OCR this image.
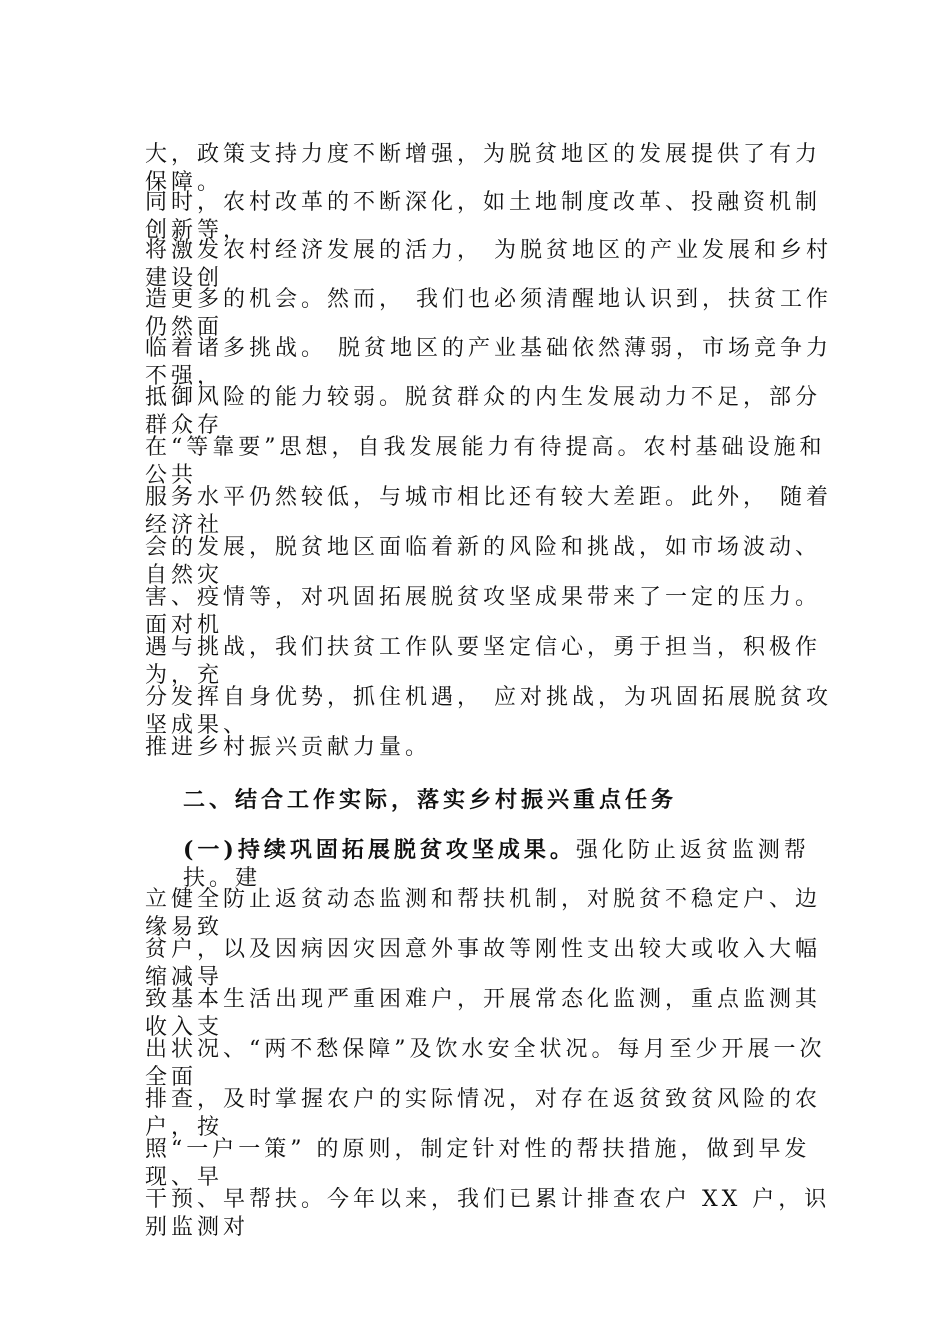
大，政策支持力度不断增强，为脱贫地区的发展提供了有力保障。
同时，农村改革的不断深化，如土地制度改革、投融资机制创新等，
将激发农村经济发展的活力， 为脱贫地区的产业发展和乡村建设创
造更多的机会。然而， 我们也必须清醒地认识到，扶贫工作仍然面
临着诸多挑战。 脱贫地区的产业基础依然薄弱，市场竞争力不强，
抵御风险的能力较弱。脱贫群众的内生发展动力不足，部分群众存
在“等靠要”思想，自我发展能力有待提高。农村基础设施和公共
服务水平仍然较低，与城市相比还有较大差距。此外， 随着经济社
会的发展，脱贫地区面临着新的风险和挑战，如市场波动、自然灾
害、疫情等，对巩固拓展脱贫攻坚成果带来了一定的压力。面对机
遇与挑战，我们扶贫工作队要坚定信心，勇于担当，积极作为，充
分发挥自身优势，抓住机遇， 应对挑战，为巩固拓展脱贫攻坚成果、
推进乡村振兴贡献力量。
二、结合工作实际，落实乡村振兴重点任务
(一)持续巩固拓展脱贫攻坚成果。强化防止返贫监测帮扶。建
立健全防止返贫动态监测和帮扶机制，对脱贫不稳定户、边缘易致
贫户，以及因病因灾因意外事故等刚性支出较大或收入大幅缩减导
致基本生活出现严重困难户，开展常态化监测，重点监测其收入支
出状况、“两不愁保障”及饮水安全状况。每月至少开展一次全面
排查，及时掌握农户的实际情况，对存在返贫致贫风险的农户，按
照“一户一策” 的原则，制定针对性的帮扶措施，做到早发现、早
干预、早帮扶。今年以来，我们已累计排查农户 XX 户，识别监测对
